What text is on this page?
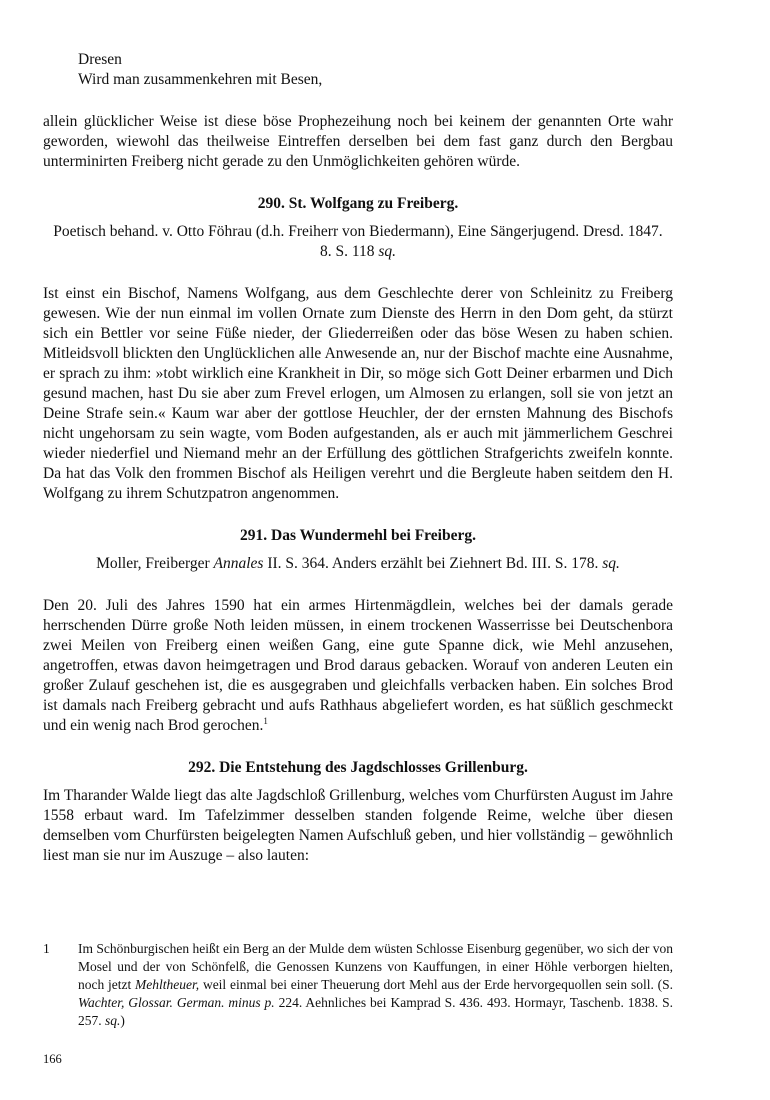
Dresen
Wird man zusammenkehren mit Besen,

allein glücklicher Weise ist diese böse Prophezeihung noch bei keinem der genannten Orte wahr geworden, wiewohl das theilweise Eintreffen derselben bei dem fast ganz durch den Bergbau unterminirten Freiberg nicht gerade zu den Unmöglichkeiten gehören würde.

290. St. Wolfgang zu Freiberg.

Poetisch behand. v. Otto Föhrau (d.h. Freiherr von Biedermann), Eine Sängerjugend. Dresd. 1847. 8. S. 118 sq.

Ist einst ein Bischof, Namens Wolfgang, aus dem Geschlechte derer von Schleinitz zu Freiberg gewesen. Wie der nun einmal im vollen Ornate zum Dienste des Herrn in den Dom geht, da stürzt sich ein Bettler vor seine Füße nieder, der Gliederreißen oder das böse Wesen zu haben schien. Mitleidsvoll blickten den Unglücklichen alle Anwesende an, nur der Bischof machte eine Ausnahme, er sprach zu ihm: »tobt wirklich eine Krankheit in Dir, so möge sich Gott Deiner erbarmen und Dich gesund machen, hast Du sie aber zum Frevel erlogen, um Almosen zu erlangen, soll sie von jetzt an Deine Strafe sein.« Kaum war aber der gottlose Heuchler, der der ernsten Mahnung des Bischofs nicht ungehorsam zu sein wagte, vom Boden aufgestanden, als er auch mit jämmerlichem Geschrei wieder niederfiel und Niemand mehr an der Erfüllung des göttlichen Strafgerichts zweifeln konnte. Da hat das Volk den frommen Bischof als Heiligen verehrt und die Bergleute haben seitdem den H. Wolfgang zu ihrem Schutzpatron angenommen.

291. Das Wundermehl bei Freiberg.

Moller, Freiberger Annales II. S. 364. Anders erzählt bei Ziehnert Bd. III. S. 178. sq.

Den 20. Juli des Jahres 1590 hat ein armes Hirtenmägdlein, welches bei der damals gerade herrschenden Dürre große Noth leiden müssen, in einem trockenen Wasserrisse bei Deutschenbora zwei Meilen von Freiberg einen weißen Gang, eine gute Spanne dick, wie Mehl anzusehen, angetroffen, etwas davon heimgetragen und Brod daraus gebacken. Worauf von anderen Leuten ein großer Zulauf geschehen ist, die es ausgegraben und gleichfalls verbacken haben. Ein solches Brod ist damals nach Freiberg gebracht und aufs Rathhaus abgeliefert worden, es hat süßlich geschmeckt und ein wenig nach Brod gerochen.$^1$

292. Die Entstehung des Jagdschlosses Grillenburg.

Im Tharander Walde liegt das alte Jagdschloß Grillenburg, welches vom Churfürsten August im Jahre 1558 erbaut ward. Im Tafelzimmer desselben standen folgende Reime, welche über diesen demselben vom Churfürsten beigelegten Namen Aufschluß geben, und hier vollständig – gewöhnlich liest man sie nur im Auszuge – also lauten:

1	Im Schönburgischen heißt ein Berg an der Mulde dem wüsten Schlosse Eisenburg gegenüber, wo sich der von Mosel und der von Schönfelß, die Genossen Kunzens von Kauffungen, in einer Höhle verborgen hielten, noch jetzt Mehltheuer, weil einmal bei einer Theuerung dort Mehl aus der Erde hervorgequollen sein soll. (S. Wachter, Glossar. German. minus p. 224. Aehnliches bei Kamprad S. 436. 493. Hormayr, Taschenb. 1838. S. 257. sq.)
166
